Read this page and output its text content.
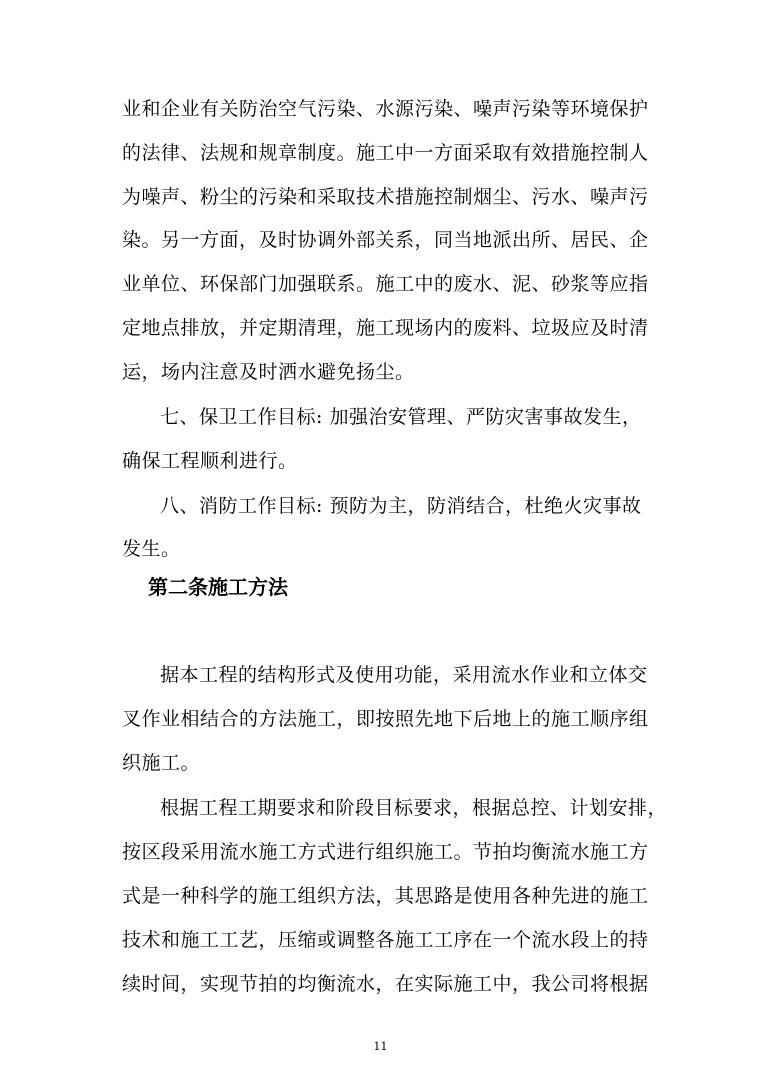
业和企业有关防治空气污染、水源污染、噪声污染等环境保护
的法律、法规和规章制度。施工中一方面采取有效措施控制人
为噪声、粉尘的污染和采取技术措施控制烟尘、污水、噪声污
染。另一方面，及时协调外部关系，同当地派出所、居民、企
业单位、环保部门加强联系。施工中的废水、泥、砂浆等应指
定地点排放，并定期清理，施工现场内的废料、垃圾应及时清
运，场内注意及时洒水避免扬尘。
七、保卫工作目标: 加强治安管理、严防灾害事故发生，
确保工程顺利进行。
八、消防工作目标: 预防为主，防消结合，杜绝火灾事故
发生。
第二条施工方法
据本工程的结构形式及使用功能，采用流水作业和立体交
叉作业相结合的方法施工，即按照先地下后地上的施工顺序组
织施工。
根据工程工期要求和阶段目标要求，根据总控、计划安排，
按区段采用流水施工方式进行组织施工。节拍均衡流水施工方
式是一种科学的施工组织方法，其思路是使用各种先进的施工
技术和施工工艺，压缩或调整各施工工序在一个流水段上的持
续时间，实现节拍的均衡流水，在实际施工中，我公司将根据
11
